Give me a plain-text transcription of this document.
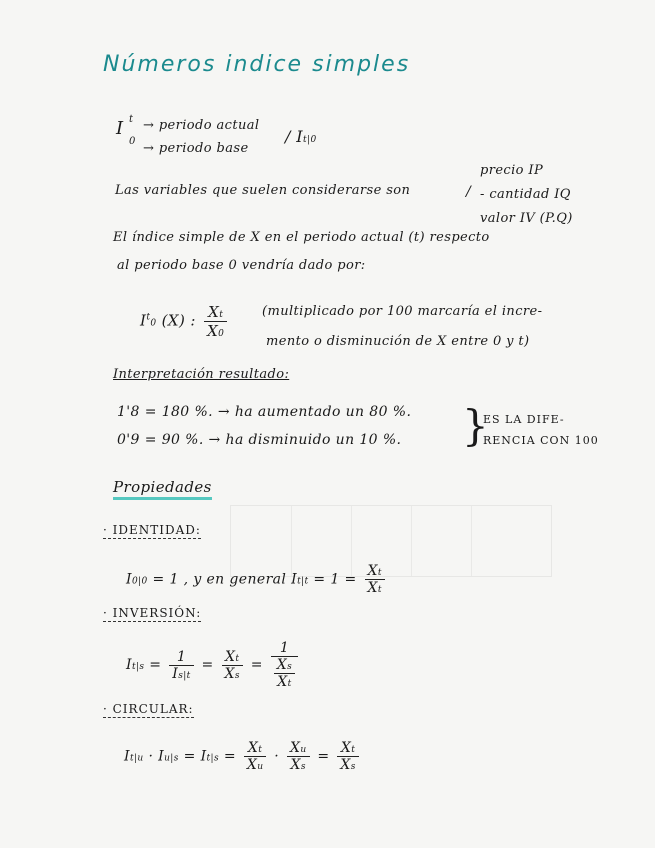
Números indice simples
I t
0
→ periodo actual
→ periodo base
/ It|0
Las variables que suelen considerarse son	/
precio IP
- cantidad IQ
valor IV (P.Q)
El índice simple de X en el periodo actual (t) respecto
al periodo base 0 vendría dado por:
$I^t0$ (X) : $\frac{Xt}{X0}$	(multiplicado por 100 marcaría el incre-
mento o disminución de X entre 0 y t)
Interpretación resultado:
1'8 = 180 %. → ha aumentado un 80 %.
0'9 = 90 %. → ha disminuido un 10 %. }
ES LA DIFE-
RENCIA CON 100
Propiedades
· IDENTIDAD:
I0|0 = 1 , y en general $It|t = 1 = \frac{Xt}{Xt}$
· INVERSIÓN:
$It|s = \frac{1}{Is|t} = \frac{Xt}{Xs} = \frac{1}{\frac{Xs}{Xt}}$
· CIRCULAR:
$It|u \cdot Iu|s = It|s = \frac{Xt}{Xu} \cdot \frac{Xu}{Xs} = \frac{Xt}{Xs}$
